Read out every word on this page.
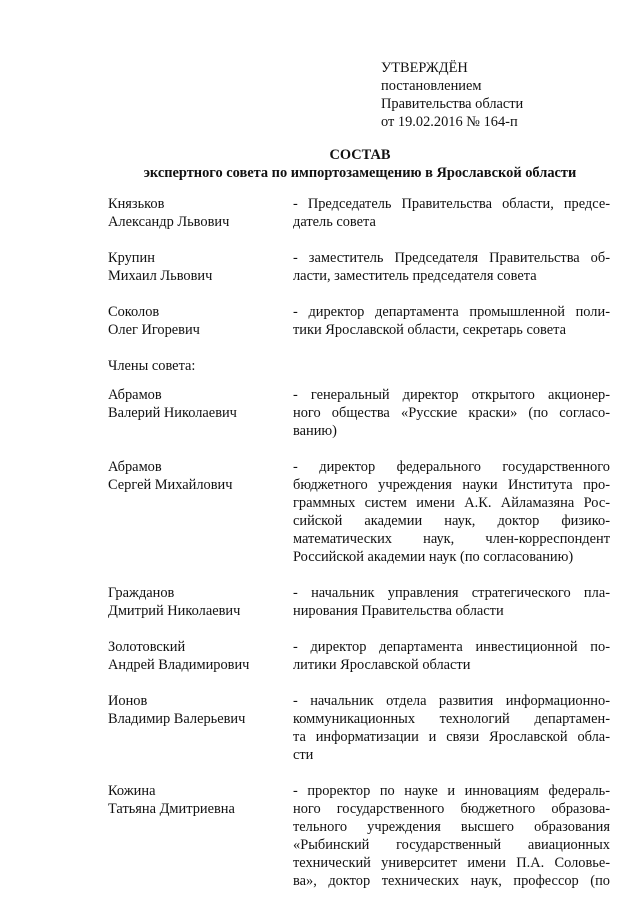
УТВЕРЖДЁН
постановлением
Правительства области
от 19.02.2016 № 164-п
СОСТАВ
экспертного совета по импортозамещению в Ярославской области
Князьков
Александр Львович
- Председатель Правительства области, предсе-
датель совета
Крупин
Михаил Львович
- заместитель Председателя Правительства об-
ласти, заместитель председателя совета
Соколов
Олег Игоревич
- директор департамента промышленной поли-
тики Ярославской области, секретарь совета
Члены совета:
Абрамов
Валерий Николаевич
- генеральный директор открытого акционер-
ного общества «Русские краски» (по согласо-
ванию)
Абрамов
Сергей Михайлович
- директор федерального государственного
бюджетного учреждения науки Института про-
граммных систем имени А.К. Айламазяна Рос-
сийской академии наук, доктор физико-
математических наук, член-корреспондент
Российской академии наук (по согласованию)
Гражданов
Дмитрий Николаевич
- начальник управления стратегического пла-
нирования Правительства области
Золотовский
Андрей Владимирович
- директор департамента инвестиционной по-
литики Ярославской области
Ионов
Владимир Валерьевич
- начальник отдела развития информационно-
коммуникационных технологий департамен-
та информатизации и связи Ярославской обла-
сти
Кожина
Татьяна Дмитриевна
- проректор по науке и инновациям федераль-
ного государственного бюджетного образова-
тельного учреждения высшего образования
«Рыбинский государственный авиационных
технический университет имени П.А. Соловье-
ва», доктор технических наук, профессор (по
